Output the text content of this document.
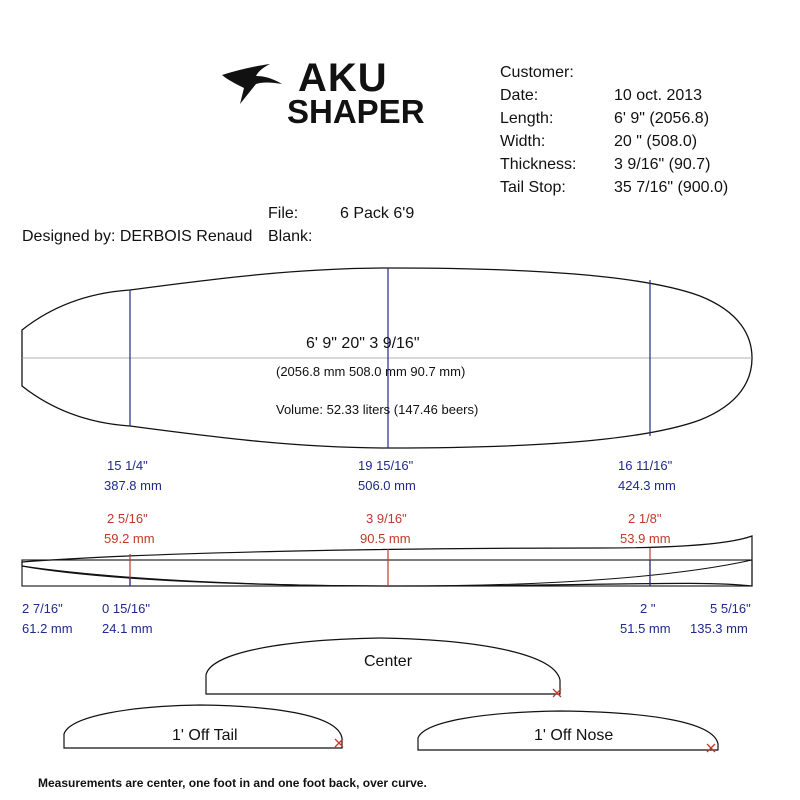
AKU
SHAPER
Customer:
Date:	10 oct. 2013
Length:	6' 9" (2056.8)
Width:	20 " (508.0)
Thickness: 3 9/16" (90.7)
Tail Stop:	35 7/16" (900.0)
File:	6 Pack 6'9
Designed by: DERBOIS Renaud Blank:
6' 9" 20" 3 9/16"
(2056.8 mm 508.0 mm 90.7 mm)
Volume: 52.33 liters (147.46 beers)
15 1/4"
387.8 mm
19 15/16"
506.0 mm
16 11/16"
424.3 mm
2 5/16"
59.2 mm
3 9/16"
90.5 mm
2 1/8"
53.9 mm
2 7/16"
61.2 mm
0 15/16"
24.1 mm
2 "
51.5 mm
5 5/16"
135.3 mm
Center
1' Off Tail	1' Off Nose
Measurements are center, one foot in and one foot back, over curve.
